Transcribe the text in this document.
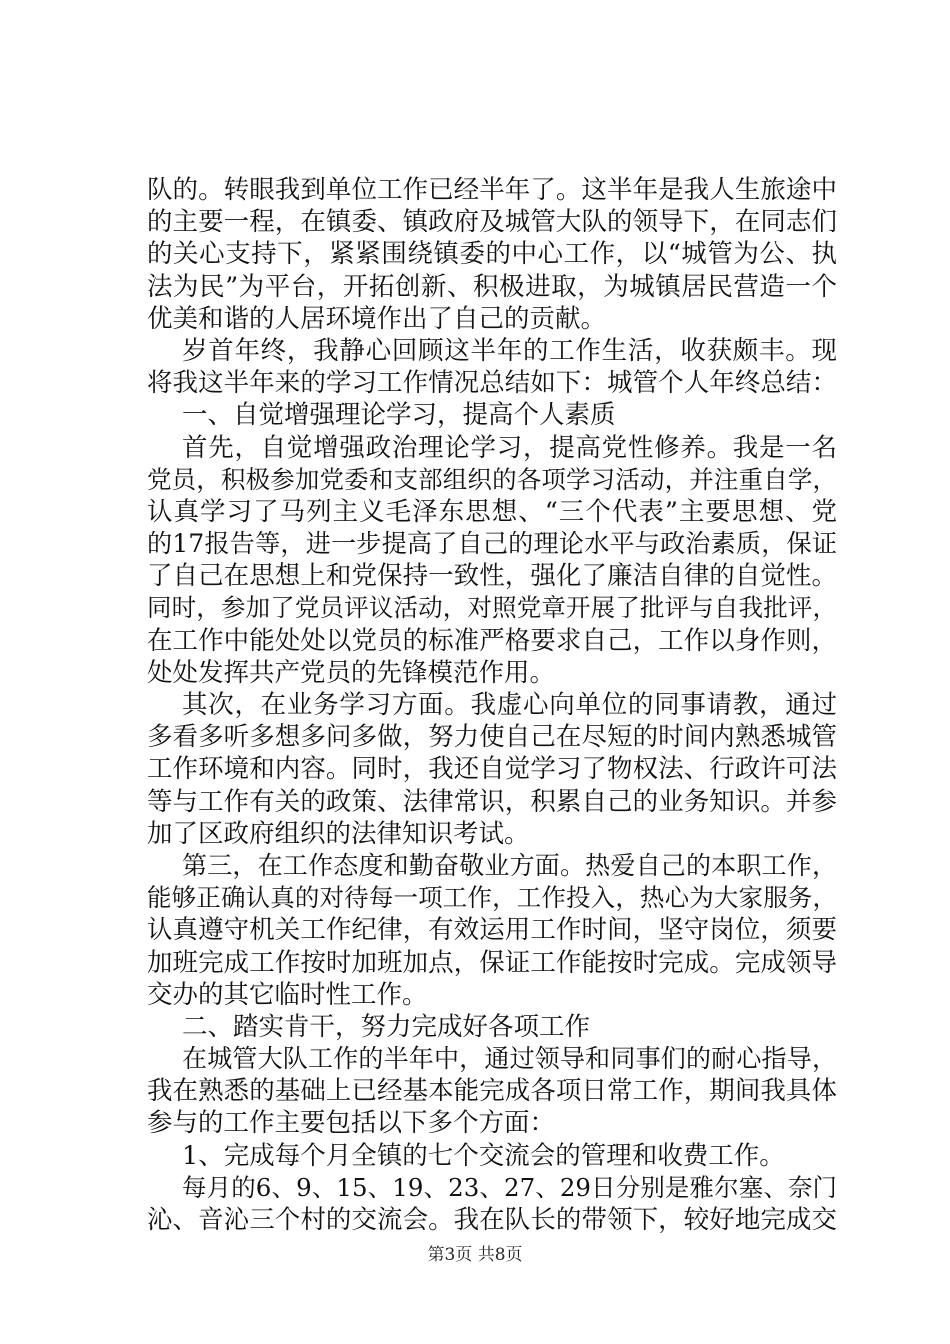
队的。转眼我到单位工作已经半年了。这半年是我人生旅途中
的主要一程，在镇委、镇政府及城管大队的领导下，在同志们
的关心支持下，紧紧围绕镇委的中心工作，以“城管为公、执
法为民”为平台，开拓创新、积极进取，为城镇居民营造一个
优美和谐的人居环境作出了自己的贡献。
岁首年终，我静心回顾这半年的工作生活，收获颇丰。现
将我这半年来的学习工作情况总结如下：城管个人年终总结：
一、自觉增强理论学习，提高个人素质
首先，自觉增强政治理论学习，提高党性修养。我是一名
党员，积极参加党委和支部组织的各项学习活动，并注重自学，
认真学习了马列主义毛泽东思想、“三个代表”主要思想、党
的17报告等，进一步提高了自己的理论水平与政治素质，保证
了自己在思想上和党保持一致性，强化了廉洁自律的自觉性。
同时，参加了党员评议活动，对照党章开展了批评与自我批评，
在工作中能处处以党员的标准严格要求自己，工作以身作则，
处处发挥共产党员的先锋模范作用。
其次，在业务学习方面。我虚心向单位的同事请教，通过
多看多听多想多问多做，努力使自己在尽短的时间内熟悉城管
工作环境和内容。同时，我还自觉学习了物权法、行政许可法
等与工作有关的政策、法律常识，积累自己的业务知识。并参
加了区政府组织的法律知识考试。
第三，在工作态度和勤奋敬业方面。热爱自己的本职工作，
能够正确认真的对待每一项工作，工作投入，热心为大家服务，
认真遵守机关工作纪律，有效运用工作时间，坚守岗位，须要
加班完成工作按时加班加点，保证工作能按时完成。完成领导
交办的其它临时性工作。
二、踏实肯干，努力完成好各项工作
在城管大队工作的半年中，通过领导和同事们的耐心指导，
我在熟悉的基础上已经基本能完成各项日常工作，期间我具体
参与的工作主要包括以下多个方面：
1、完成每个月全镇的七个交流会的管理和收费工作。
每月的6、9、15、19、23、27、29日分别是雅尔塞、奈门
沁、音沁三个村的交流会。我在队长的带领下，较好地完成交
第3页 共8页
